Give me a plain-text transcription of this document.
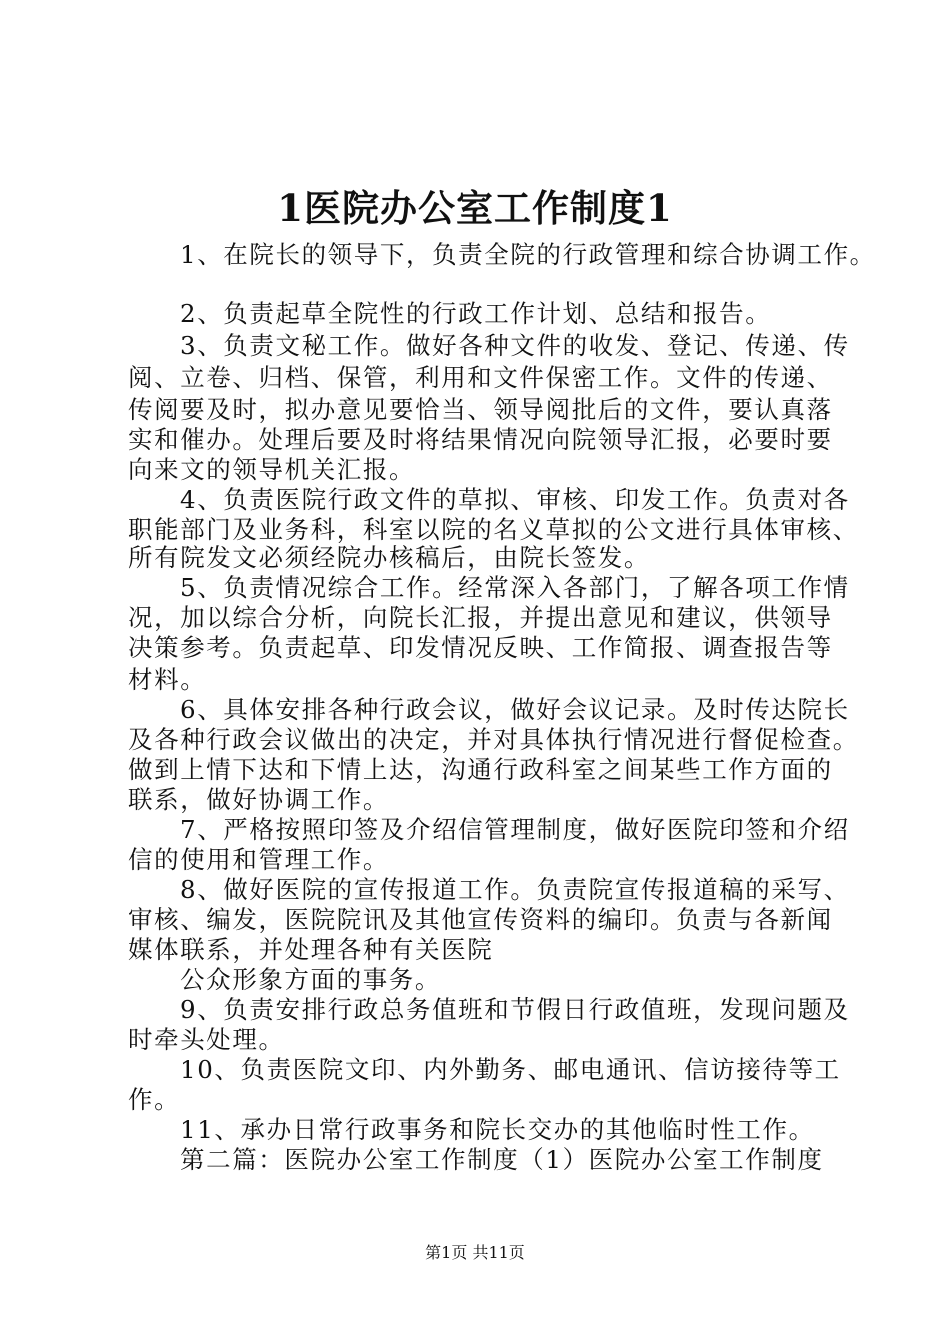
1医院办公室工作制度1
1、在院长的领导下，负责全院的行政管理和综合协调工作。
2、负责起草全院性的行政工作计划、总结和报告。
3、负责文秘工作。做好各种文件的收发、登记、传递、传
阅、立卷、归档、保管，利用和文件保密工作。文件的传递、
传阅要及时，拟办意见要恰当、领导阅批后的文件，要认真落
实和催办。处理后要及时将结果情况向院领导汇报，必要时要
向来文的领导机关汇报。
4、负责医院行政文件的草拟、审核、印发工作。负责对各
职能部门及业务科，科室以院的名义草拟的公文进行具体审核、
所有院发文必须经院办核稿后，由院长签发。
5、负责情况综合工作。经常深入各部门，了解各项工作情
况，加以综合分析，向院长汇报，并提出意见和建议，供领导
决策参考。负责起草、印发情况反映、工作简报、调查报告等
材料。
6、具体安排各种行政会议，做好会议记录。及时传达院长
及各种行政会议做出的决定，并对具体执行情况进行督促检查。
做到上情下达和下情上达，沟通行政科室之间某些工作方面的
联系，做好协调工作。
7、严格按照印签及介绍信管理制度，做好医院印签和介绍
信的使用和管理工作。
8、做好医院的宣传报道工作。负责院宣传报道稿的采写、
审核、编发，医院院讯及其他宣传资料的编印。负责与各新闻
媒体联系，并处理各种有关医院
公众形象方面的事务。
9、负责安排行政总务值班和节假日行政值班，发现问题及
时牵头处理。
10、负责医院文印、内外勤务、邮电通讯、信访接待等工
作。
11、承办日常行政事务和院长交办的其他临时性工作。
第二篇：医院办公室工作制度（1）医院办公室工作制度
第1页 共11页
